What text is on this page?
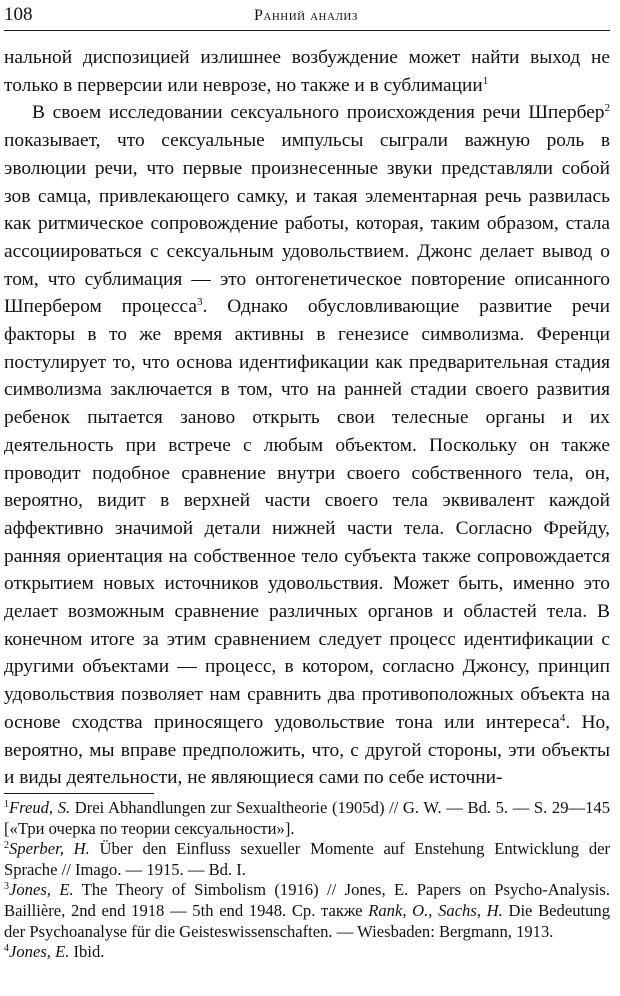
108	Ранний анализ

нальной диспозицией излишнее возбуждение может найти выход не только в перверсии или неврозе, но также и в сублимации$^1$

В своем исследовании сексуального происхождения речи Шпербер$^2$ показывает, что сексуальные импульсы сыграли важную роль в эволюции речи, что первые произнесенные звуки представляли собой зов самца, привлекающего самку, и такая элементарная речь развилась как ритмическое сопровождение работы, которая, таким образом, стала ассоциироваться с сексуальным удовольствием. Джонс делает вывод о том, что сублимация — это онтогенетическое повторение описанного Шпербером процесса$^3$. Однако обусловливающие развитие речи факторы в то же время активны в генезисе символизма. Ференци постулирует то, что основа идентификации как предварительная стадия символизма заключается в том, что на ранней стадии своего развития ребенок пытается заново открыть свои телесные органы и их деятельность при встрече с любым объектом. Поскольку он также проводит подобное сравнение внутри своего собственного тела, он, вероятно, видит в верхней части своего тела эквивалент каждой аффективно значимой детали нижней части тела. Согласно Фрейду, ранняя ориентация на собственное тело субъекта также сопровождается открытием новых источников удовольствия. Может быть, именно это делает возможным сравнение различных органов и областей тела. В конечном итоге за этим сравнением следует процесс идентификации с другими объектами — процесс, в котором, согласно Джонсу, принцип удовольствия позволяет нам сравнить два противоположных объекта на основе сходства приносящего удовольствие тона или интереса$^4$. Но, вероятно, мы вправе предположить, что, с другой стороны, эти объекты и виды деятельности, не являющиеся сами по себе источни-

$^1$Freud, S. Drei Abhandlungen zur Sexualtheorie (1905d) // G. W. — Bd. 5. — S. 29—145 [«Три очерка по теории сексуальности»].

$^2$Sperber, H. Über den Einfluss sexueller Momente auf Enstehung Entwicklung der Sprache // Imago. — 1915. — Bd. I.

$^3$Jones, E. The Theory of Simbolism (1916) // Jones, E. Papers on Psycho-Analysis. Baillière, 2nd end 1918 — 5th end 1948. Ср. также Rank, O., Sachs, H. Die Bedeutung der Psychoanalyse für die Geisteswissenschaften. — Wiesbaden: Bergmann, 1913.

$^4$Jones, E. Ibid.
